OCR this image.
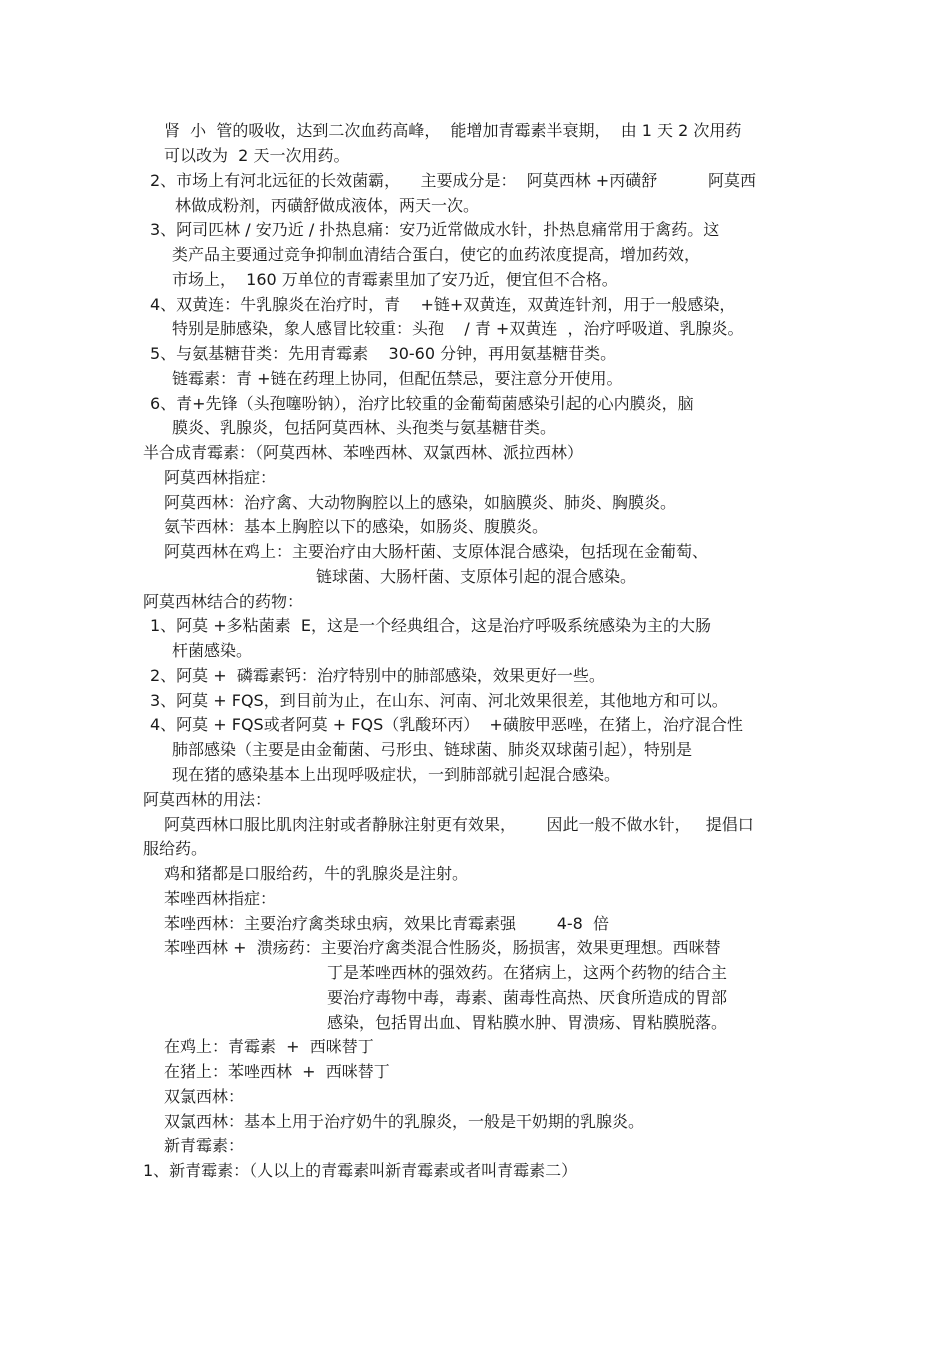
肾  小  管的吸收，达到二次血药高峰，  能增加青霉素半衰期，  由 1 天 2 次用药

可以改为  2 天一次用药。

2、市场上有河北远征的长效菌霸，    主要成分是：  阿莫西林 +丙磺舒          阿莫西

林做成粉剂，丙磺舒做成液体，两天一次。

3、阿司匹林 / 安乃近 / 扑热息痛：安乃近常做成水针，扑热息痛常用于禽药。这

类产品主要通过竞争抑制血清结合蛋白，使它的血药浓度提高，增加药效，

市场上，  160 万单位的青霉素里加了安乃近，便宜但不合格。

4、双黄连：牛乳腺炎在治疗时，青    +链+双黄连，双黄连针剂，用于一般感染，

特别是肺感染，象人感冒比较重：头孢    / 青 +双黄连  ，治疗呼吸道、乳腺炎。

5、与氨基糖苷类：先用青霉素    30-60 分钟，再用氨基糖苷类。

链霉素：青 +链在药理上协同，但配伍禁忌，要注意分开使用。

6、青+先锋（头孢噻吩钠），治疗比较重的金葡萄菌感染引起的心内膜炎，脑

膜炎、乳腺炎，包括阿莫西林、头孢类与氨基糖苷类。

半合成青霉素：（阿莫西林、苯唑西林、双氯西林、派拉西林）

阿莫西林指症：

阿莫西林：治疗禽、大动物胸腔以上的感染，如脑膜炎、肺炎、胸膜炎。

氨苄西林：基本上胸腔以下的感染，如肠炎、腹膜炎。

阿莫西林在鸡上：主要治疗由大肠杆菌、支原体混合感染，包括现在金葡萄、

链球菌、大肠杆菌、支原体引起的混合感染。

阿莫西林结合的药物：

1、阿莫 +多粘菌素  E，这是一个经典组合，这是治疗呼吸系统感染为主的大肠

杆菌感染。

2、阿莫 +  磷霉素钙：治疗特别中的肺部感染，效果更好一些。

3、阿莫 + FQS，到目前为止，在山东、河南、河北效果很差，其他地方和可以。

4、阿莫 + FQS或者阿莫 + FQS（乳酸环丙）  +磺胺甲恶唑，在猪上，治疗混合性

肺部感染（主要是由金葡菌、弓形虫、链球菌、肺炎双球菌引起），特别是

现在猪的感染基本上出现呼吸症状，一到肺部就引起混合感染。

阿莫西林的用法：

阿莫西林口服比肌肉注射或者静脉注射更有效果，      因此一般不做水针，   提倡口

服给药。

鸡和猪都是口服给药，牛的乳腺炎是注射。

苯唑西林指症：

苯唑西林：主要治疗禽类球虫病，效果比青霉素强        4-8  倍

苯唑西林 +  溃疡药：主要治疗禽类混合性肠炎，肠损害，效果更理想。西咪替

丁是苯唑西林的强效药。在猪病上，这两个药物的结合主

要治疗毒物中毒，毒素、菌毒性高热、厌食所造成的胃部

感染，包括胃出血、胃粘膜水肿、胃溃疡、胃粘膜脱落。

在鸡上：青霉素  +  西咪替丁

在猪上：苯唑西林  +  西咪替丁

双氯西林：

双氯西林：基本上用于治疗奶牛的乳腺炎，一般是干奶期的乳腺炎。

新青霉素：

1、新青霉素：（人以上的青霉素叫新青霉素或者叫青霉素二）
